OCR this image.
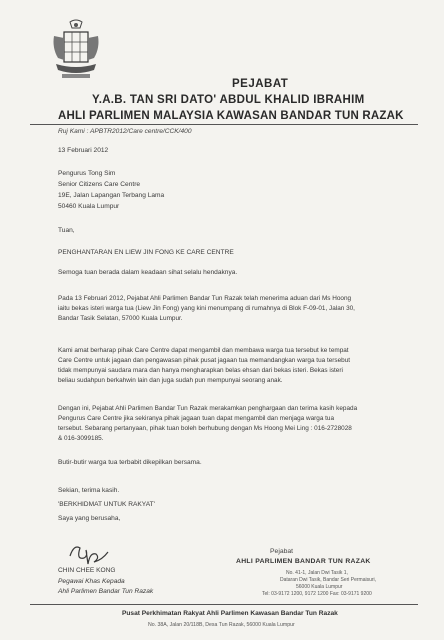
PEJABAT
Y.A.B. TAN SRI DATO' ABDUL KHALID IBRAHIM
AHLI PARLIMEN MALAYSIA KAWASAN BANDAR TUN RAZAK
Ruj Kami : APBTR2012/Care centre/CCK/400
13 Februari 2012
Pengurus Tong Sim
Senior Citizens Care Centre
19E, Jalan Lapangan Terbang Lama
50460 Kuala Lumpur
Tuan,
PENGHANTARAN EN LIEW JIN FONG KE CARE CENTRE
Semoga tuan berada dalam keadaan sihat selalu hendaknya.
Pada 13 Februari 2012, Pejabat Ahli Parlimen Bandar Tun Razak telah menerima aduan dari Ms Hoong
iaitu bekas isteri warga tua (Liew Jin Fong) yang kini menumpang di rumahnya di Blok F-09-01, Jalan 30,
Bandar Tasik Selatan, 57000 Kuala Lumpur.
Kami amat berharap pihak Care Centre dapat mengambil dan membawa warga tua tersebut ke tempat
Care Centre untuk jagaan dan pengawasan pihak pusat jagaan tua memandangkan warga tua tersebut
tidak mempunyai saudara mara dan hanya mengharapkan belas ehsan dari bekas isteri. Bekas isteri
beliau sudahpun berkahwin lain dan juga sudah pun mempunyai seorang anak.
Dengan ini, Pejabat Ahli Parlimen Bandar Tun Razak merakamkan penghargaan dan terima kasih kepada
Pengurus Care Centre jika sekiranya pihak jagaan tuan dapat mengambil dan menjaga warga tua
tersebut. Sebarang pertanyaan, pihak tuan boleh berhubung dengan Ms Hoong Mei Ling : 016-2728028
& 016-3099185.
Butir-butir warga tua terbabit dikepilkan bersama.
Sekian, terima kasih.
'BERKHIDMAT UNTUK RAKYAT'
Saya yang berusaha,
CHIN CHEE KONG
Pegawai Khas Kepada
Ahli Parlimen Bandar Tun Razak
Pejabat
AHLI PARLIMEN BANDAR TUN RAZAK
No. 41-1, Jalan Dwi Tasik 1,
Dataran Dwi Tasik, Bandar Seri Permaisuri,
56000 Kuala Lumpur
Tel: 03-9172 1200, 9172 1200 Fax: 03-9171 9200
Pusat Perkhimatan Rakyat Ahli Parlimen Kawasan Bandar Tun Razak
No. 38A, Jalan 20/118B, Desa Tun Razak, 56000 Kuala Lumpur
